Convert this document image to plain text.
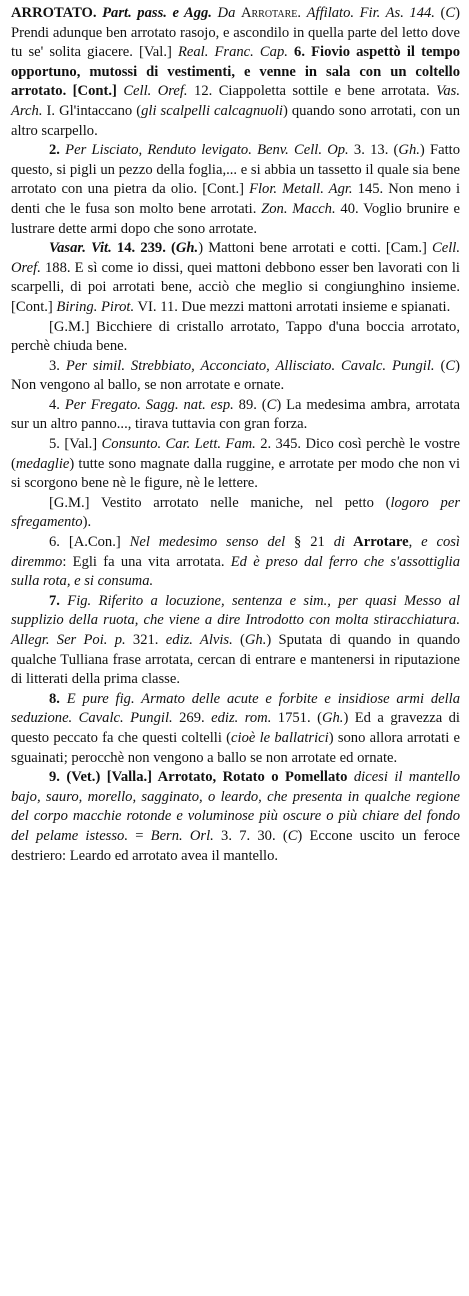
ARROTATO. Part. pass. e Agg. Da Arrotare. Affilato. Fir. As. 144. (C) Prendi adunque ben arrotato rasojo, e ascondilo in quella parte del letto dove tu se' solita giacere. [Val.] Real. Franc. Cap. 6. Fiovio aspettò il tempo opportuno, mutossi di vestimenti, e venne in sala con un coltello arrotato. [Cont.] Cell. Oref. 12. Ciappoletta sottile e bene arrotata. Vas. Arch. I. Gl'intaccano (gli scalpelli calcagnuoli) quando sono arrotati, con un altro scarpello.

2. Per Lisciato, Renduto levigato. Benv. Cell. Op. 3. 13. (Gh.) Fatto questo, si pigli un pezzo della foglia,... e si abbia un tassetto il quale sia bene arrotato con una pietra da olio. [Cont.] Flor. Metall. Agr. 145. Non meno i denti che le fusa son molto bene arrotati. Zon. Macch. 40. Voglio brunire e lustrare dette armi dopo che sono arrotate.

Vasar. Vit. 14. 239. (Gh.) Mattoni bene arrotati e cotti. [Cam.] Cell. Oref. 188. E sì come io dissi, quei mattoni debbono esser ben lavorati con li scarpelli, di poi arrotati bene, acciò che meglio si congiunghino insieme. [Cont.] Biring. Pirot. VI. 11. Due mezzi mattoni arrotati insieme e spianati.

[G.M.] Bicchiere di cristallo arrotato, Tappo d'una boccia arrotato, perchè chiuda bene.

3. Per simil. Strebbiato, Acconciato, Allisciato. Cavalc. Pungil. (C) Non vengono al ballo, se non arrotate e ornate.

4. Per Fregato. Sagg. nat. esp. 89. (C) La medesima ambra, arrotata sur un altro panno..., tirava tuttavia con gran forza.

5. [Val.] Consunto. Car. Lett. Fam. 2. 345. Dico così perchè le vostre (medaglie) tutte sono magnate dalla ruggine, e arrotate per modo che non vi si scorgono bene nè le figure, nè le lettere.

[G.M.] Vestito arrotato nelle maniche, nel petto (logoro per sfregamento).

6. [A.Con.] Nel medesimo senso del § 21 di Arrotare, e così diremmo: Egli fa una vita arrotata. Ed è preso dal ferro che s'assottiglia sulla rota, e si consuma.

7. Fig. Riferito a locuzione, sentenza e sim., per quasi Messo al supplizio della ruota, che viene a dire Introdotto con molta stiracchiatura. Allegr. Ser Poi. p. 321. ediz. Alvis. (Gh.) Sputata di quando in quando qualche Tulliana frase arrotata, cercan di entrare e mantenersi in riputazione di litterati della prima classe.

8. E pure fig. Armato delle acute e forbite e insidiose armi della seduzione. Cavalc. Pungil. 269. ediz. rom. 1751. (Gh.) Ed a gravezza di questo peccato fa che questi coltelli (cioè le ballatrici) sono allora arrotati e sguainati; perocchè non vengono a ballo se non arrotate ed ornate.

9. (Vet.) [Valla.] Arrotato, Rotato o Pomellato dicesi il mantello bajo, sauro, morello, sagginato, o leardo, che presenta in qualche regione del corpo macchie rotonde e voluminose più oscure o più chiare del fondo del pelame istesso. = Bern. Orl. 3. 7. 30. (C) Eccone uscito un feroce destriero: Leardo ed arrotato avea il mantello.
